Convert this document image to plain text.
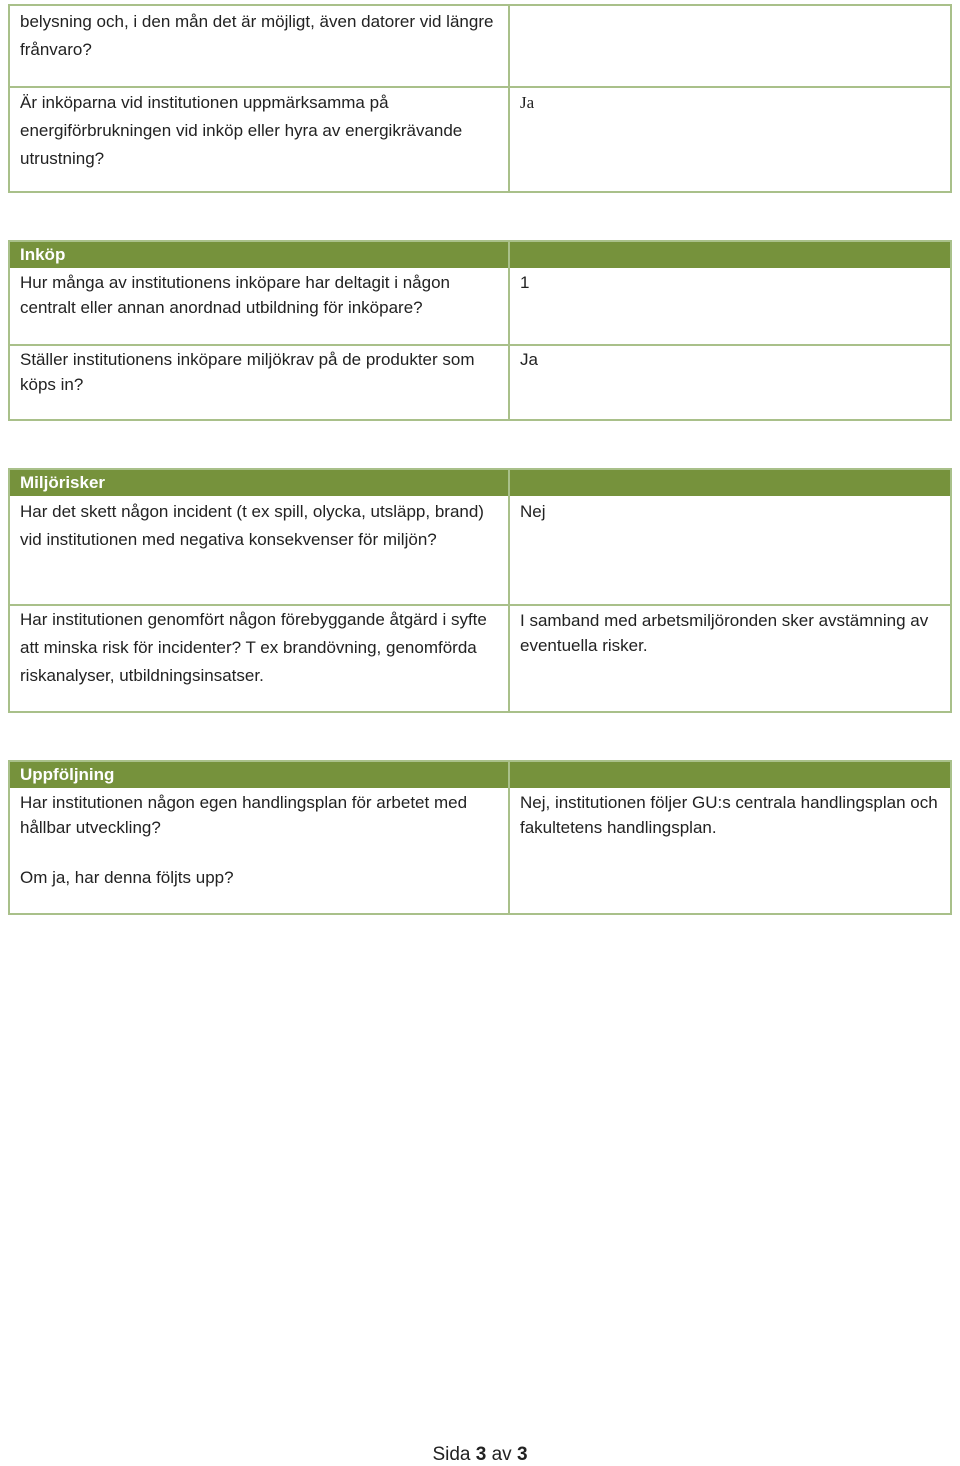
belysning och, i den mån det är möjligt, även datorer vid längre frånvaro?
Är inköparna vid institutionen uppmärksamma på energiförbrukningen vid inköp eller hyra av energikrävande utrustning?
Ja
Inköp
Hur många av institutionens inköpare har deltagit i någon centralt eller annan anordnad utbildning för inköpare?
1
Ställer institutionens inköpare miljökrav på de produkter som köps in?
Ja
Miljörisker
Har det skett någon incident (t ex spill, olycka, utsläpp, brand) vid institutionen med negativa konsekvenser för miljön?
Nej
Har institutionen genomfört någon förebyggande åtgärd i syfte att minska risk för incidenter? T ex brandövning, genomförda riskanalyser, utbildningsinsatser.
I samband med arbetsmiljöronden sker avstämning av eventuella risker.
Uppföljning
Har institutionen någon egen handlingsplan för arbetet med hållbar utveckling?
Om ja, har denna följts upp?
Nej, institutionen följer GU:s centrala handlingsplan och fakultetens handlingsplan.
Sida 3 av 3
